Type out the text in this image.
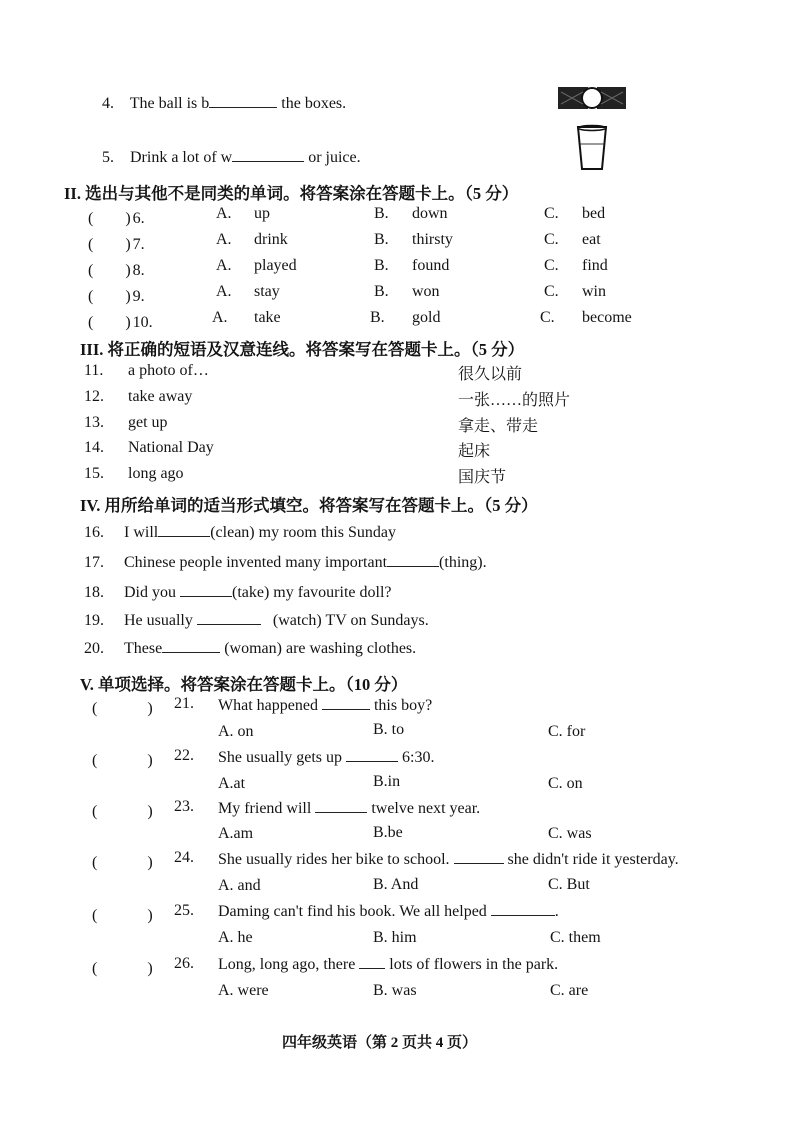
4. The ball is b	the boxes.
5. Drink a lot of w	or juice.
II. 选出与其他不是同类的单词。将答案涂在答题卡上。（5 分）
(　　) 6.	A. up	B. down	C. bed
(　　) 7.	A. drink	B. thirsty	C. eat
(　　) 8.	A. played	B. found	C. find
(　　) 9.	A. stay	B. won	C. win
(　　) 10.	A. take	B. gold	C. become
III. 将正确的短语及汉意连线。将答案写在答题卡上。（5 分）
11. a photo of…	很久以前
12. take away	一张……的照片
13. get up	拿走、带走
14. National Day	起床
15. long ago	国庆节
IV. 用所给单词的适当形式填空。将答案写在答题卡上。（5 分）
16. I will	(clean) my room this Sunday
17. Chinese people invented many important	(thing).
18. Did you	(take) my favourite doll?
19. He usually	(watch) TV on Sundays.
20. These	(woman) are washing clothes.
V. 单项选择。将答案涂在答题卡上。（10 分）
(　　) 21. What happened	this boy?
A. on	B. to	C. for
(　　) 22. She usually gets up	6:30.
A.at	B.in	C. on
(　　) 23. My friend will	twelve next year.
A.am	B.be	C. was
(　　) 24. She usually rides her bike to school.	she didn't ride it yesterday.
A. and	B. And	C. But
(　　) 25. Daming can't find his book. We all helped	.
A. he	B. him	C. them
(　　) 26. Long, long ago, there lots of flowers in the park.
A. were	B. was	C. are
四年级英语（第 2 页共 4 页）
